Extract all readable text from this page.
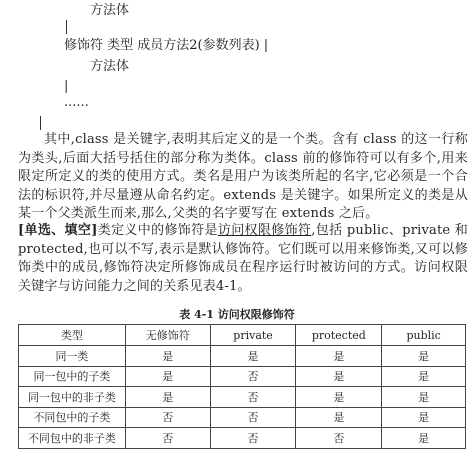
方法体
修饰符 类型 成员方法2(参数列表) |
方法体
|
......
其中,class 是关键字,表明其后定义的是一个类。含有 class 的这一行称为类头,后面大括号括住的部分称为类体。class 前的修饰符可以有多个,用来限定所定义的类的使用方式。类名是用户为该类所起的名字,它必须是一个合法的标识符,并尽量遵从命名约定。extends 是关键字。如果所定义的类是从某一个父类派生而来,那么,父类的名字要写在 extends 之后。
[单选、填空]类定义中的修饰符是访问权限修饰符,包括 public、private 和 protected,也可以不写,表示是默认修饰符。它们既可以用来修饰类,又可以修饰类中的成员,修饰符决定所修饰成员在程序运行时被访问的方式。访问权限关键字与访问能力之间的关系见表4-1。
表 4-1 访问权限修饰符
类型	无修饰符	private	protected	public
同一类	是	是	是	是
同一包中的子类	是	否	是	是
同一包中的非子类	是	否	是	是
不同包中的子类	否	否	是	是
不同包中的非子类	否	否	否	是
